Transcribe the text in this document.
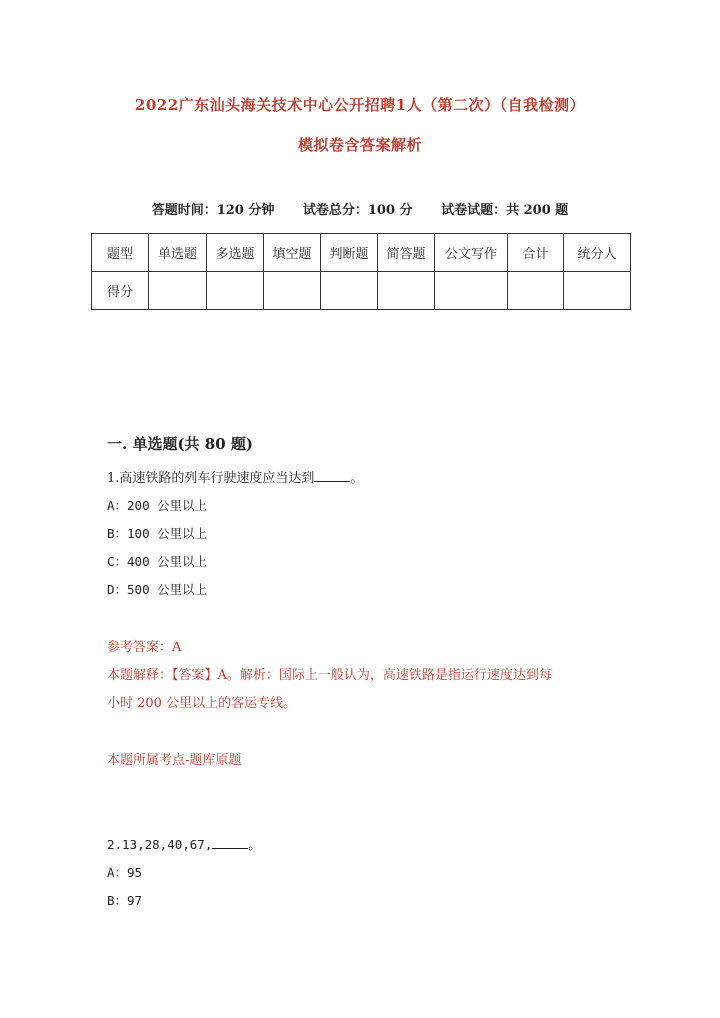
2022广东汕头海关技术中心公开招聘1人（第二次）（自我检测）
模拟卷含答案解析
答题时间：120 分钟 试卷总分：100 分 试卷试题：共 200 题
题型	单选题	多选题	填空题	判断题	简答题	公文写作	合计	统分人
得分								
一. 单选题(共 80 题)
1.高速铁路的列车行驶速度应当达到	。
A：200 公里以上
B：100 公里以上
C：400 公里以上
D：500 公里以上
参考答案：A
本题解释：【答案】A。解析：国际上一般认为，高速铁路是指运行速度达到每
小时 200 公里以上的客运专线。
本题所属考点-题库原题
2.13,28,40,67,	。
A：95
B：97
